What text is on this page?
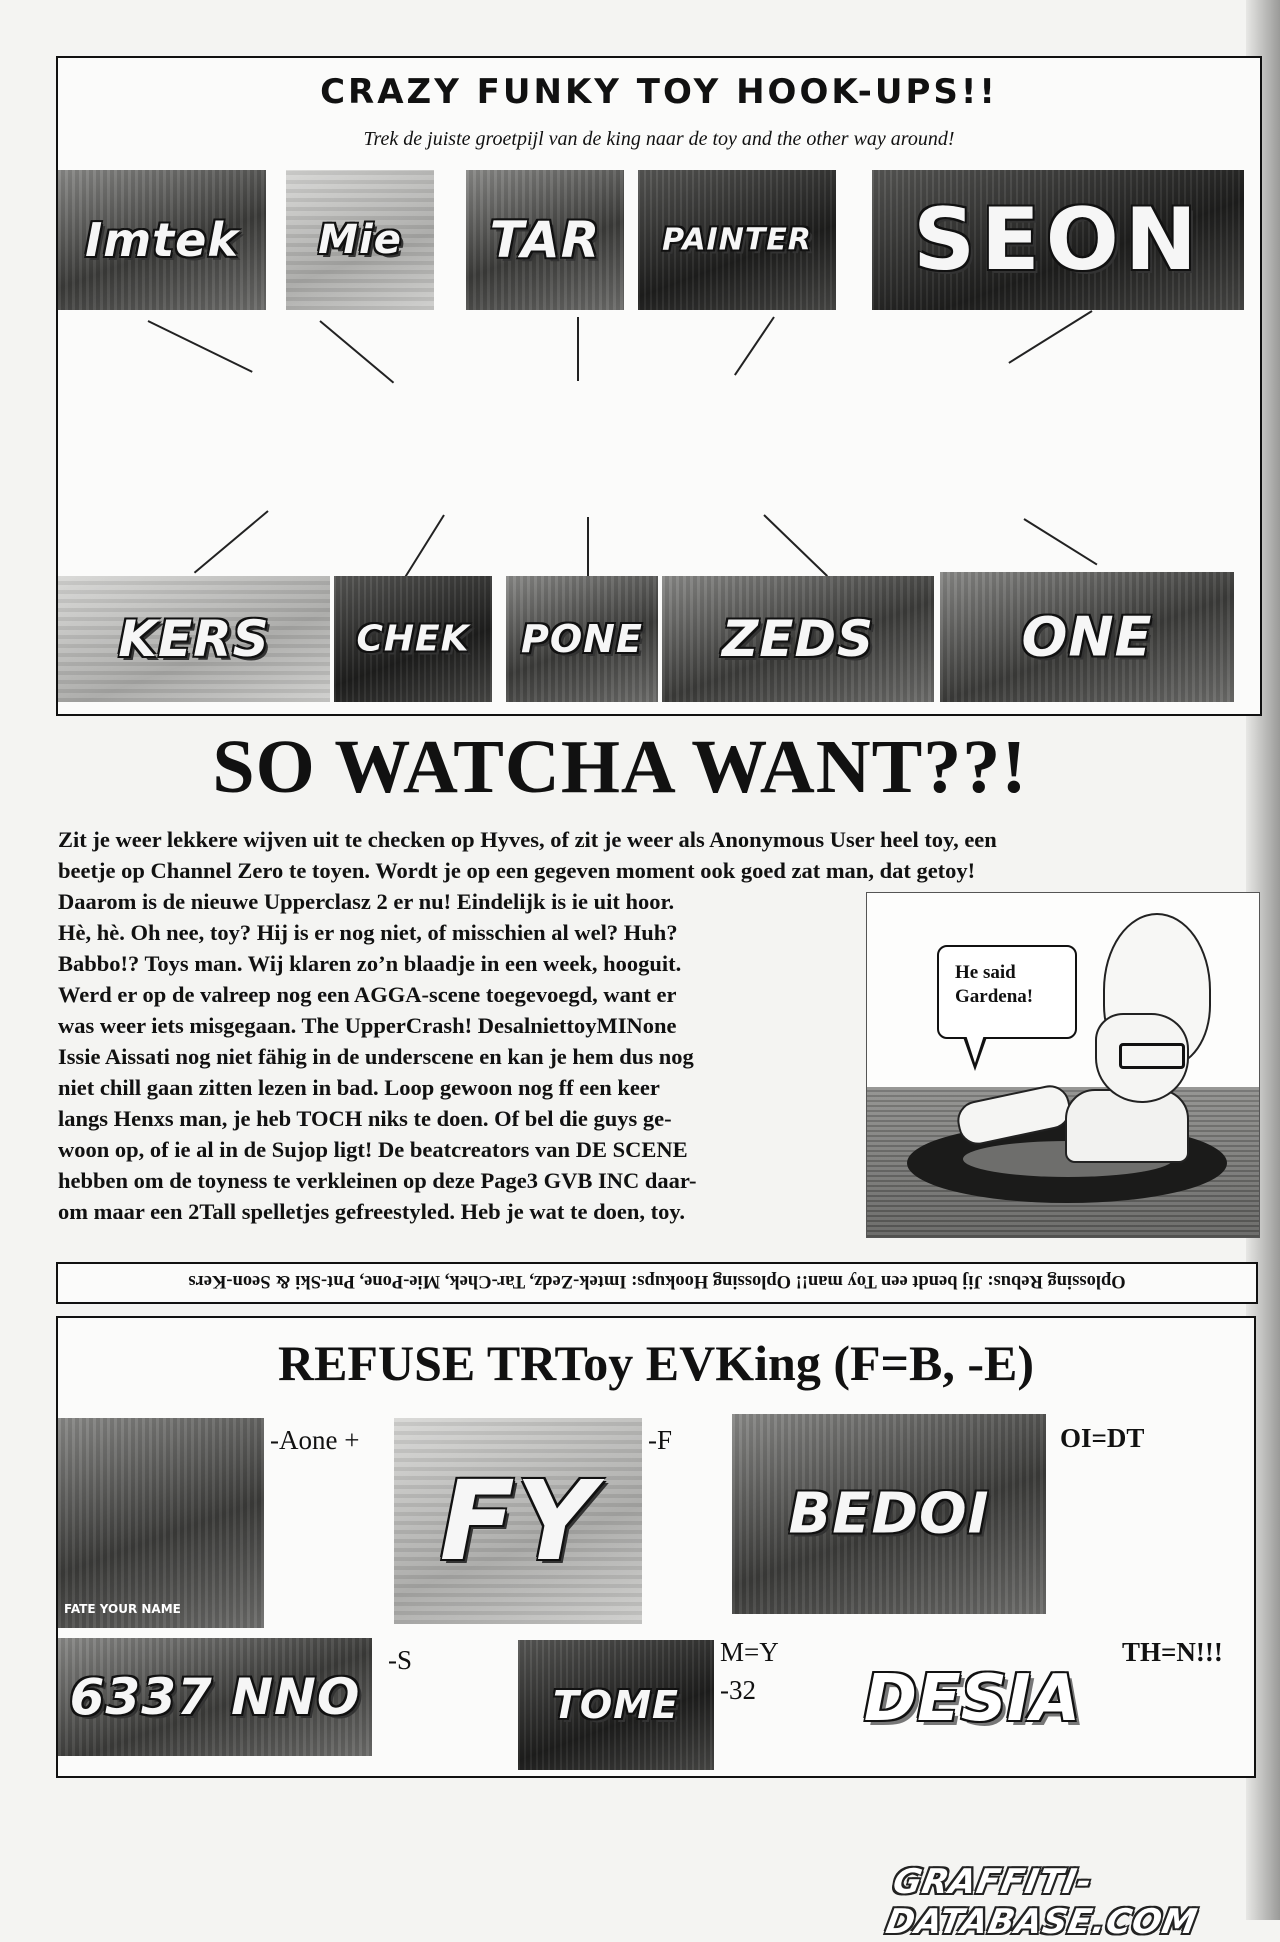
CRAZY FUNKY TOY HOOK-UPS!!
Trek de juiste groetpijl van de king naar de toy and the other way around!
Imtek	Mie	TAR	PAINTER	SEON
KERS	CHEK	PONE	ZEDS	ONE
SO WATCHA WANT??!
Zit je weer lekkere wijven uit te checken op Hyves, of zit je weer als Anonymous User heel toy, een
beetje op Channel Zero te toyen. Wordt je op een gegeven moment ook goed zat man, dat getoy!
Daarom is de nieuwe Upperclasz 2 er nu! Eindelijk is ie uit hoor.
Hè, hè. Oh nee, toy? Hij is er nog niet, of misschien al wel? Huh?
Babbo!? Toys man. Wij klaren zo’n blaadje in een week, hooguit.
Werd er op de valreep nog een AGGA-scene toegevoegd, want er
was weer iets misgegaan. The UpperCrash! DesalniettoyMINone
Issie Aissati nog niet fähig in de underscene en kan je hem dus nog
niet chill gaan zitten lezen in bad. Loop gewoon nog ff een keer
langs Henxs man, je heb TOCH niks te doen. Of bel die guys ge-
woon op, of ie al in de Sujop ligt! De beatcreators van DE SCENE
hebben om de toyness te verkleinen op deze Page3 GVB INC daar-
om maar een 2Tall spelletjes gefreestyled. Heb je wat te doen, toy.
He said
Gardena!
Oplossing Rebus: Jij bendt een Toy man!! Oplossing Hookups: Imtek-Zedz, Tar-Chek, Mie-Pone, Pnt-Ski & Seon-Kers
REFUSE TRToy EVKing (F=B, -E)
FATE YOUR NAME
-Aone +
FY
-F
BEDOI
OI=DT
6337 NNO
-S
TOME
M=Y
-32	DESIA
TH=N!!!
GRAFFITI-DATABASE.COM
